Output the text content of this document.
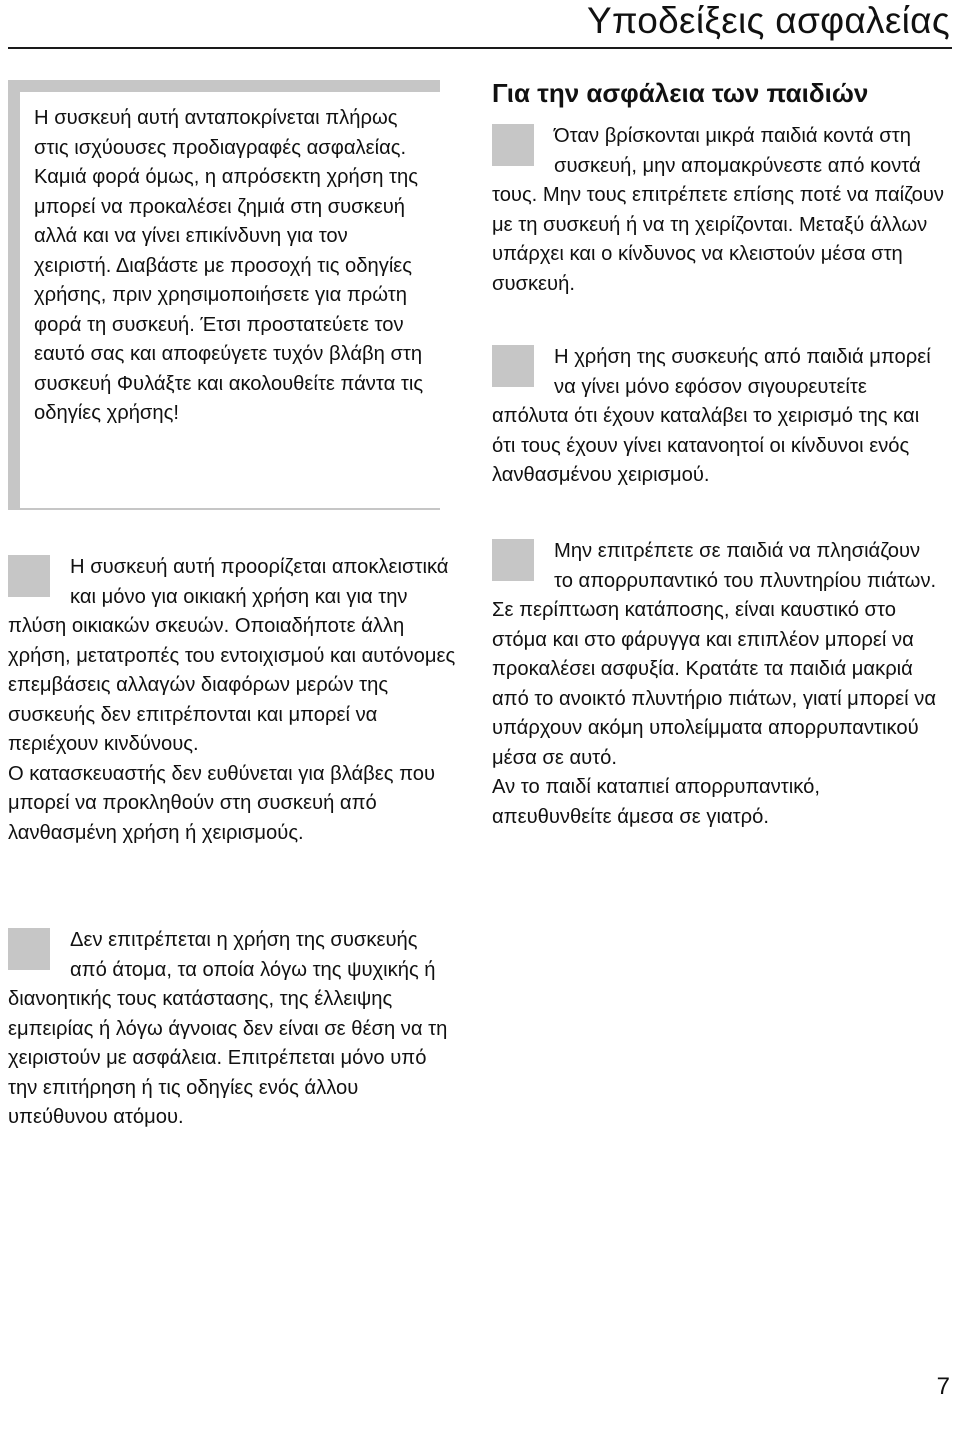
Υποδείξεις ασφαλείας
Η συσκευή αυτή ανταποκρίνεται πλήρως στις ισχύουσες προδιαγραφές ασφαλείας. Καμιά φορά όμως, η απρόσεκτη χρήση της μπορεί να προκαλέσει ζημιά στη συσκευή αλλά και να γίνει επικίνδυνη για τον χειριστή. Διαβάστε με προσοχή τις οδηγίες χρήσης, πριν χρησιμοποιήσετε για πρώτη φορά τη συσκευή. Έτσι προστατεύετε τον εαυτό σας και αποφεύγετε τυχόν βλάβη στη συσκευή Φυλάξτε και ακολουθείτε πάντα τις οδηγίες χρήσης!

Η συσκευή αυτή προορίζεται αποκλειστικά και μόνο για οικιακή χρήση και για την πλύση οικιακών σκευών. Οποιαδήποτε άλλη χρήση, μετατροπές του εντοιχισμού και αυτόνομες επεμβάσεις αλλαγών διαφόρων μερών της συσκευής δεν επιτρέπονται και μπορεί να περιέχουν κινδύνους.

Ο κατασκευαστής δεν ευθύνεται για βλάβες που μπορεί να προκληθούν στη συσκευή από λανθασμένη χρήση ή χειρισμούς.

Δεν επιτρέπεται η χρήση της συσκευής από άτομα, τα οποία λόγω της ψυχικής ή διανοητικής τους κατάστασης, της έλλειψης εμπειρίας ή λόγω άγνοιας δεν είναι σε θέση να τη χειριστούν με ασφάλεια. Επιτρέπεται μόνο υπό την επιτήρηση ή τις οδηγίες ενός άλλου υπεύθυνου ατόμου.

Για την ασφάλεια των παιδιών

Όταν βρίσκονται μικρά παιδιά κοντά στη συσκευή, μην απομακρύνεστε από κοντά τους. Μην τους επιτρέπετε επίσης ποτέ να παίζουν με τη συσκευή ή να τη χειρίζονται. Μεταξύ άλλων υπάρχει και ο κίνδυνος να κλειστούν μέσα στη συσκευή.

Η χρήση της συσκευής από παιδιά μπορεί να γίνει μόνο εφόσον σιγουρευτείτε απόλυτα ότι έχουν καταλάβει το χειρισμό της και ότι τους έχουν γίνει κατανοητοί οι κίνδυνοι ενός λανθασμένου χειρισμού.

Μην επιτρέπετε σε παιδιά να πλησιάζουν το απορρυπαντικό του πλυντηρίου πιάτων. Σε περίπτωση κατάποσης, είναι καυστικό στο στόμα και στο φάρυγγα και επιπλέον μπορεί να προκαλέσει ασφυξία. Κρατάτε τα παιδιά μακριά από το ανοικτό πλυντήριο πιάτων, γιατί μπορεί να υπάρχουν ακόμη υπολείμματα απορρυπαντικού μέσα σε αυτό.

Αν το παιδί καταπιεί απορρυπαντικό, απευθυνθείτε άμεσα σε γιατρό.

7
